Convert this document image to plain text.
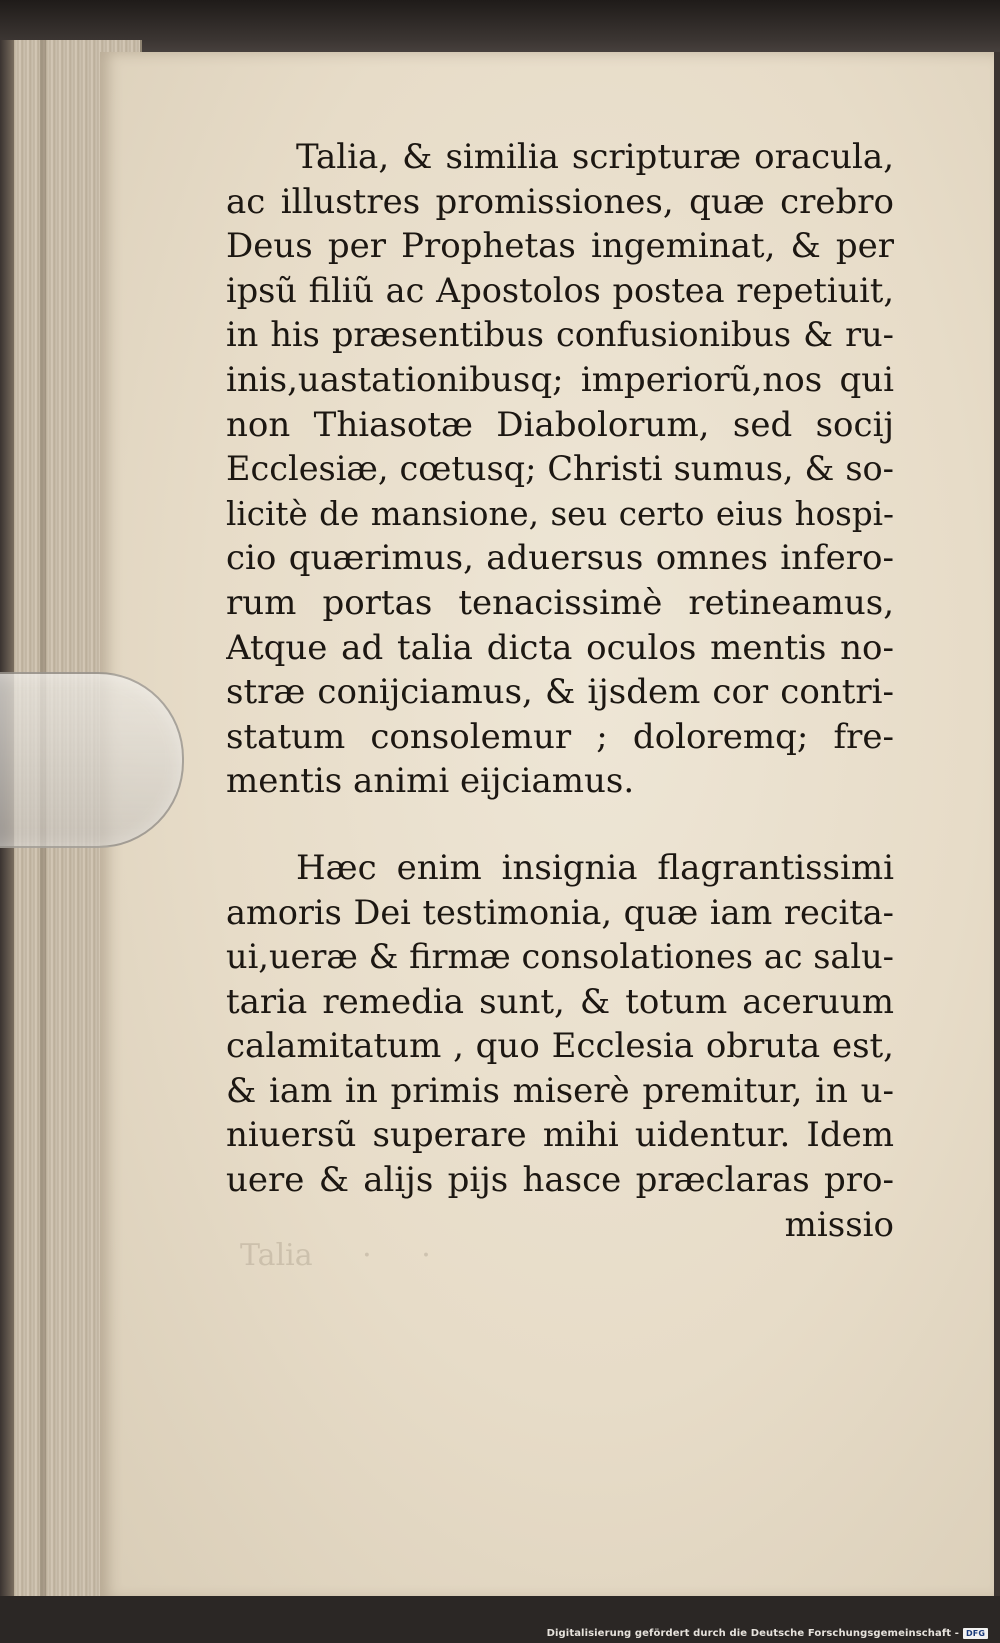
Talia · ·
Talia, & similia scripturæ oracula,
ac illustres promissiones, quæ crebro
Deus per Prophetas ingeminat, & per
ipsũ filiũ ac Apostolos postea repetiuit,
in his præsentibus confusionibus & ru-
inis,uastationibusq; imperiorũ,nos qui
non Thiasotæ Diabolorum, sed socij
Ecclesiæ, cœtusq; Christi sumus, & so-
licitè de mansione, seu certo eius hospi-
cio quærimus, aduersus omnes infero-
rum portas tenacissimè retineamus,
Atque ad talia dicta oculos mentis no-
stræ conijciamus, & ijsdem cor contri-
statum consolemur ; doloremq; fre-
mentis animi eijciamus.
Hæc enim insignia flagrantissimi
amoris Dei testimonia, quæ iam recita-
ui,ueræ & firmæ consolationes ac salu-
taria remedia sunt, & totum aceruum
calamitatum , quo Ecclesia obruta est,
& iam in primis miserè premitur, in u-
niuersũ superare mihi uidentur. Idem
uere & alijs pijs hasce præclaras pro-
missio
Digitalisierung gefördert durch die Deutsche Forschungsgemeinschaft - DFG
